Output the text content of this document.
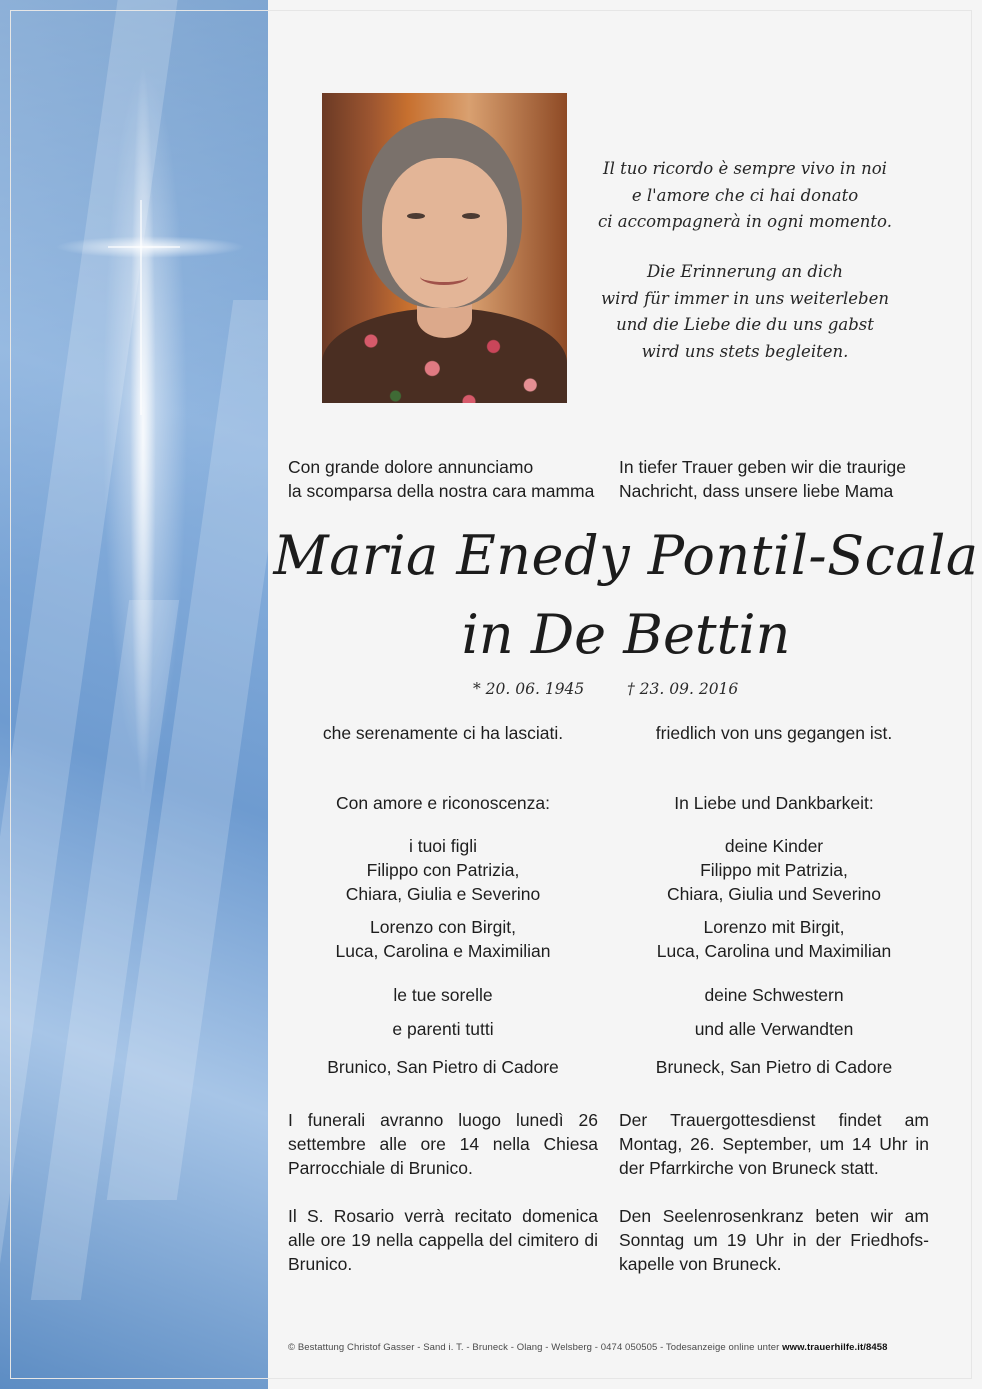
Il tuo ricordo è sempre vivo in noi
e l'amore che ci hai donato
ci accompagnerà in ogni momento.
Die Erinnerung an dich
wird für immer in uns weiterleben
und die Liebe die du uns gabst
wird uns stets begleiten.
Con grande dolore annunciamo
la scomparsa della nostra cara mamma
In tiefer Trauer geben wir die traurige
Nachricht, dass unsere liebe Mama
Maria Enedy Pontil-Scala
in De Bettin
* 20. 06. 1945	† 23. 09. 2016
che serenamente ci ha lasciati.	friedlich von uns gegangen ist.
Con amore e riconoscenza:
i tuoi figli
Filippo con Patrizia,
Chiara, Giulia e Severino
Lorenzo con Birgit,
Luca, Carolina e Maximilian
le tue sorelle
e parenti tutti
Brunico, San Pietro di Cadore
In Liebe und Dankbarkeit:
deine Kinder
Filippo mit Patrizia,
Chiara, Giulia und Severino
Lorenzo mit Birgit,
Luca, Carolina und Maximilian
deine Schwestern
und alle Verwandten
Bruneck, San Pietro di Cadore
I funerali avranno luogo lunedì 26 settembre alle ore 14 nella Chiesa Parrocchiale di Brunico.
Der Trauergottesdienst findet am Montag, 26. September, um 14 Uhr in der Pfarrkirche von Bruneck statt.
Il S. Rosario verrà recitato domenica alle ore 19 nella cappella del cimitero di Brunico.
Den Seelenrosenkranz beten wir am Sonntag um 19 Uhr in der Friedhofs-kapelle von Bruneck.
© Bestattung Christof Gasser - Sand i. T. - Bruneck - Olang - Welsberg - 0474 050505 - Todesanzeige online unter www.trauerhilfe.it/8458
